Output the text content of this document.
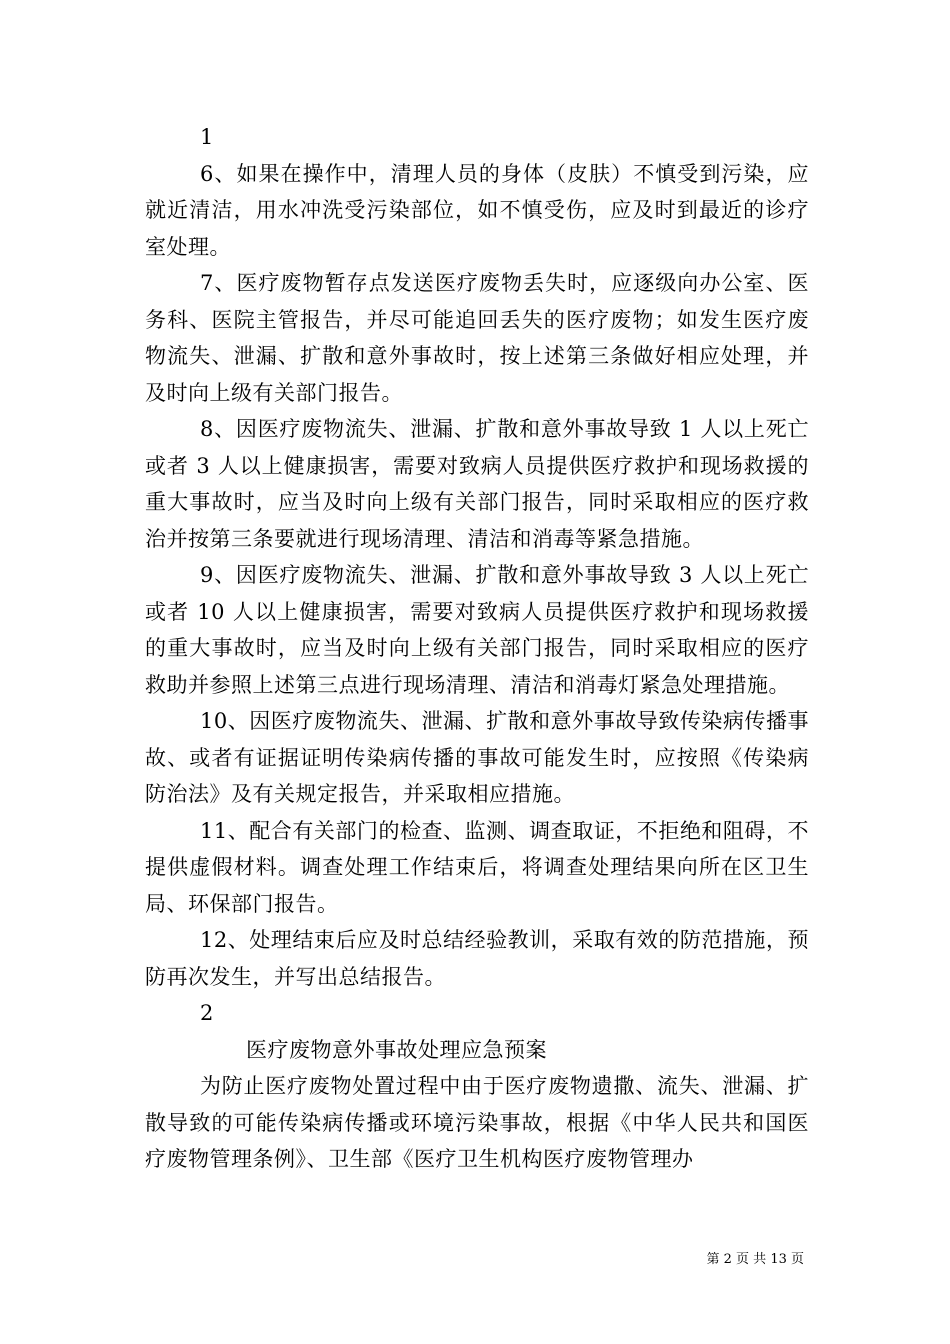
1

6、如果在操作中，清理人员的身体（皮肤）不慎受到污染，应就近清洁，用水冲洗受污染部位，如不慎受伤，应及时到最近的诊疗室处理。

7、医疗废物暂存点发送医疗废物丢失时，应逐级向办公室、医务科、医院主管报告，并尽可能追回丢失的医疗废物；如发生医疗废物流失、泄漏、扩散和意外事故时，按上述第三条做好相应处理，并及时向上级有关部门报告。

8、因医疗废物流失、泄漏、扩散和意外事故导致 1 人以上死亡或者 3 人以上健康损害，需要对致病人员提供医疗救护和现场救援的重大事故时，应当及时向上级有关部门报告，同时采取相应的医疗救治并按第三条要就进行现场清理、清洁和消毒等紧急措施。

9、因医疗废物流失、泄漏、扩散和意外事故导致 3 人以上死亡或者 10 人以上健康损害，需要对致病人员提供医疗救护和现场救援的重大事故时，应当及时向上级有关部门报告，同时采取相应的医疗救助并参照上述第三点进行现场清理、清洁和消毒灯紧急处理措施。

10、因医疗废物流失、泄漏、扩散和意外事故导致传染病传播事故、或者有证据证明传染病传播的事故可能发生时，应按照《传染病防治法》及有关规定报告，并采取相应措施。

11、配合有关部门的检查、监测、调查取证，不拒绝和阻碍，不提供虚假材料。调查处理工作结束后，将调查处理结果向所在区卫生局、环保部门报告。

12、处理结束后应及时总结经验教训，采取有效的防范措施，预防再次发生，并写出总结报告。

2

医疗废物意外事故处理应急预案

为防止医疗废物处置过程中由于医疗废物遗撒、流失、泄漏、扩散导致的可能传染病传播或环境污染事故，根据《中华人民共和国医疗废物管理条例》、卫生部《医疗卫生机构医疗废物管理办

第 2 页 共 13 页
